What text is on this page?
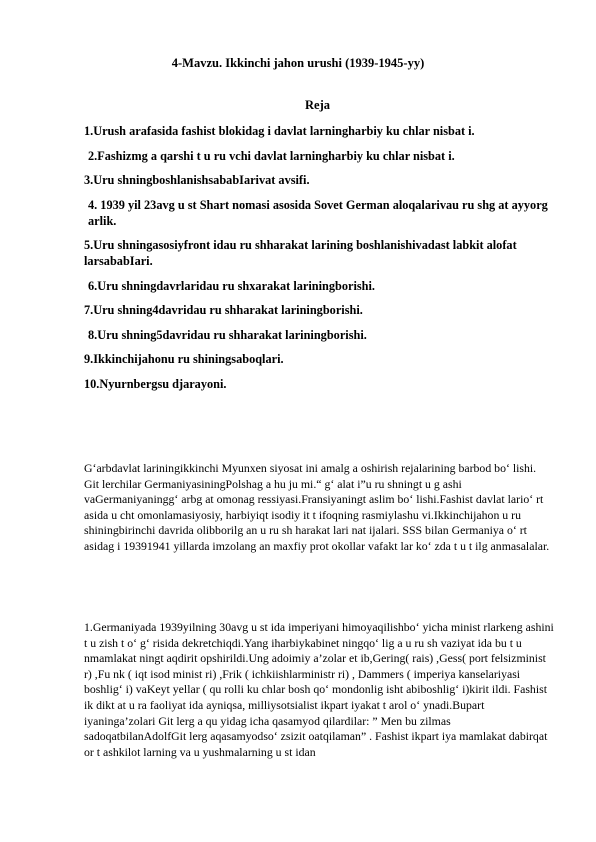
4-Mavzu. Ikkinchi jahon urushi (1939-1945-yy)
Reja
1.Urush arafasida fashist blokidag i davlat larningharbiy ku chlar nisbat i.
2.Fashizmg a qarshi t u ru vchi davlat larningharbiy ku chlar nisbat i.
3.Uru shningboshlanishsababIarivat avsifi.
4. 1939 yil 23avg u st Shart nomasi asosida Sovet German aloqalarivau ru shg at ayyorg arlik.
5.Uru shningasosiyfront idau ru shharakat larining boshlanishivadast labkit alofat larsababIari.
6.Uru shningdavrlaridau ru shxarakat lariningborishi.
7.Uru shning4davridau ru shharakat lariningborishi.
8.Uru shning5davridau ru shharakat lariningborishi.
9.Ikkinchijahonu ru shiningsaboqlari.
10.Nyurnbergsu djarayoni.

G‘arbdavlat lariningikkinchi Myunxen siyosat ini amalg a oshirish rejalarining barbod bo‘ lishi. Git lerchilar GermaniyasiningPolshag a hu ju mi.“ g‘ alat i”u ru shningt u g ashi vaGermaniyaningg‘ arbg at omonag ressiyasi.Fransiyaningt aslim bo‘ lishi.Fashist davlat lario‘ rt asida u cht omonlamasiyosiy, harbiyiqt isodiy it t ifoqning rasmiylashu vi.Ikkinchijahon u ru shiningbirinchi davrida olibborilg an u ru sh harakat lari nat ijalari. SSS bilan Germaniya o‘ rt asidag i 19391941 yillarda imzolang an maxfiy prot okollar vafakt lar ko‘ zda t u t ilg anmasalalar.

1.Germaniyada 1939yilning 30avg u st ida imperiyani himoyaqilishbo‘ yicha minist rlarkeng ashini t u zish t o‘ g‘ risida dekretchiqdi.Yang iharbiykabinet ningqo‘ lig a u ru sh vaziyat ida bu t u nmamlakat ningt aqdirit opshirildi.Ung adoimiy a’zolar et ib,Gering( rais) ,Gess( port felsizminist r) ,Fu nk ( iqt isod minist ri) ,Frik ( ichkiishlarministr ri) , Dammers ( imperiya kanselariyasi boshlig‘ i) vaKeyt yellar ( qu rolli ku chlar bosh qo‘ mondonlig isht abiboshlig‘ i)kirit ildi. Fashist ik dikt at u ra faoliyat ida ayniqsa, milliysotsialist ikpart iyakat t arol o‘ ynadi.Bupart iyaninga’zolari Git lerg a qu yidag icha qasamyod qilardilar: ” Men bu zilmas sadoqatbilanAdolfGit lerg aqasamyodso‘ zsizit oatqilaman” . Fashist ikpart iya mamlakat dabirqat or t ashkilot larning va u yushmalarning u st idan
